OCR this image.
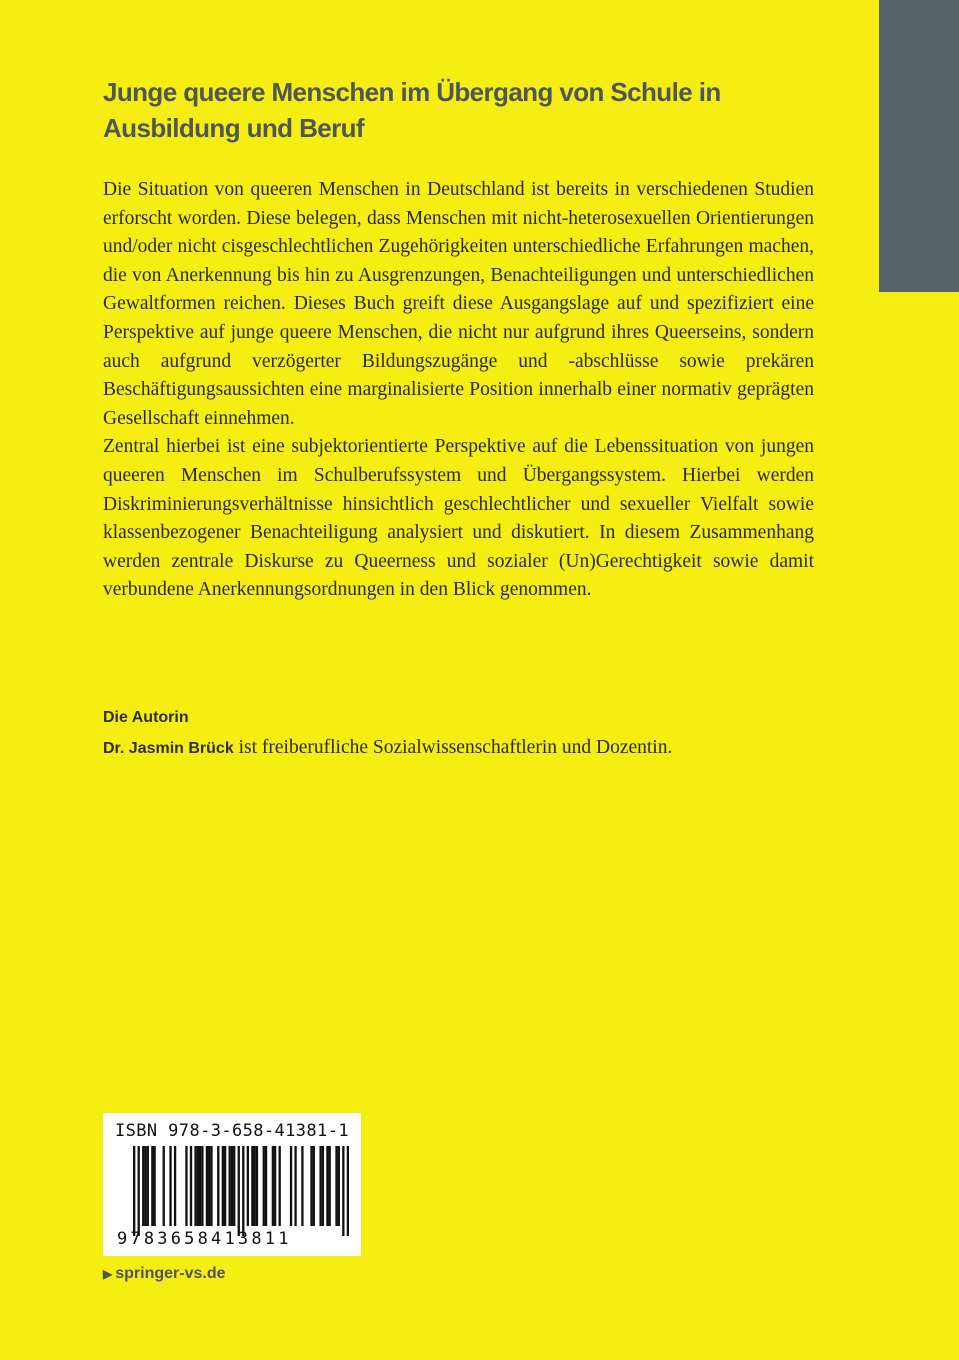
Junge queere Menschen im Übergang von Schule in Ausbildung und Beruf

Die Situation von queeren Menschen in Deutschland ist bereits in verschiedenen Studien erforscht worden. Diese belegen, dass Menschen mit nicht-heterosexuellen Orientierungen und/oder nicht cisgeschlechtlichen Zugehörigkeiten unterschiedliche Erfahrungen machen, die von Anerkennung bis hin zu Ausgrenzungen, Benachteiligungen und unterschiedlichen Gewaltformen reichen. Dieses Buch greift diese Ausgangslage auf und spezifiziert eine Perspektive auf junge queere Menschen, die nicht nur aufgrund ihres Queerseins, sondern auch aufgrund verzögerter Bildungszugänge und -abschlüsse sowie prekären Beschäftigungsaussichten eine marginalisierte Position innerhalb einer normativ geprägten Gesellschaft einnehmen.

Zentral hierbei ist eine subjektorientierte Perspektive auf die Lebenssituation von jungen queeren Menschen im Schulberufssystem und Übergangssystem. Hierbei werden Diskriminierungsverhältnisse hinsichtlich geschlechtlicher und sexueller Vielfalt sowie klassenbezogener Benachteiligung analysiert und diskutiert. In diesem Zusammenhang werden zentrale Diskurse zu Queerness und sozialer (Un)Gerechtigkeit sowie damit verbundene Anerkennungsordnungen in den Blick genommen.

Die Autorin
Dr. Jasmin Brück ist freiberufliche Sozialwissenschaftlerin und Dozentin.
ISBN 978-3-658-41381-1
9783658413811
▶ springer-vs.de
